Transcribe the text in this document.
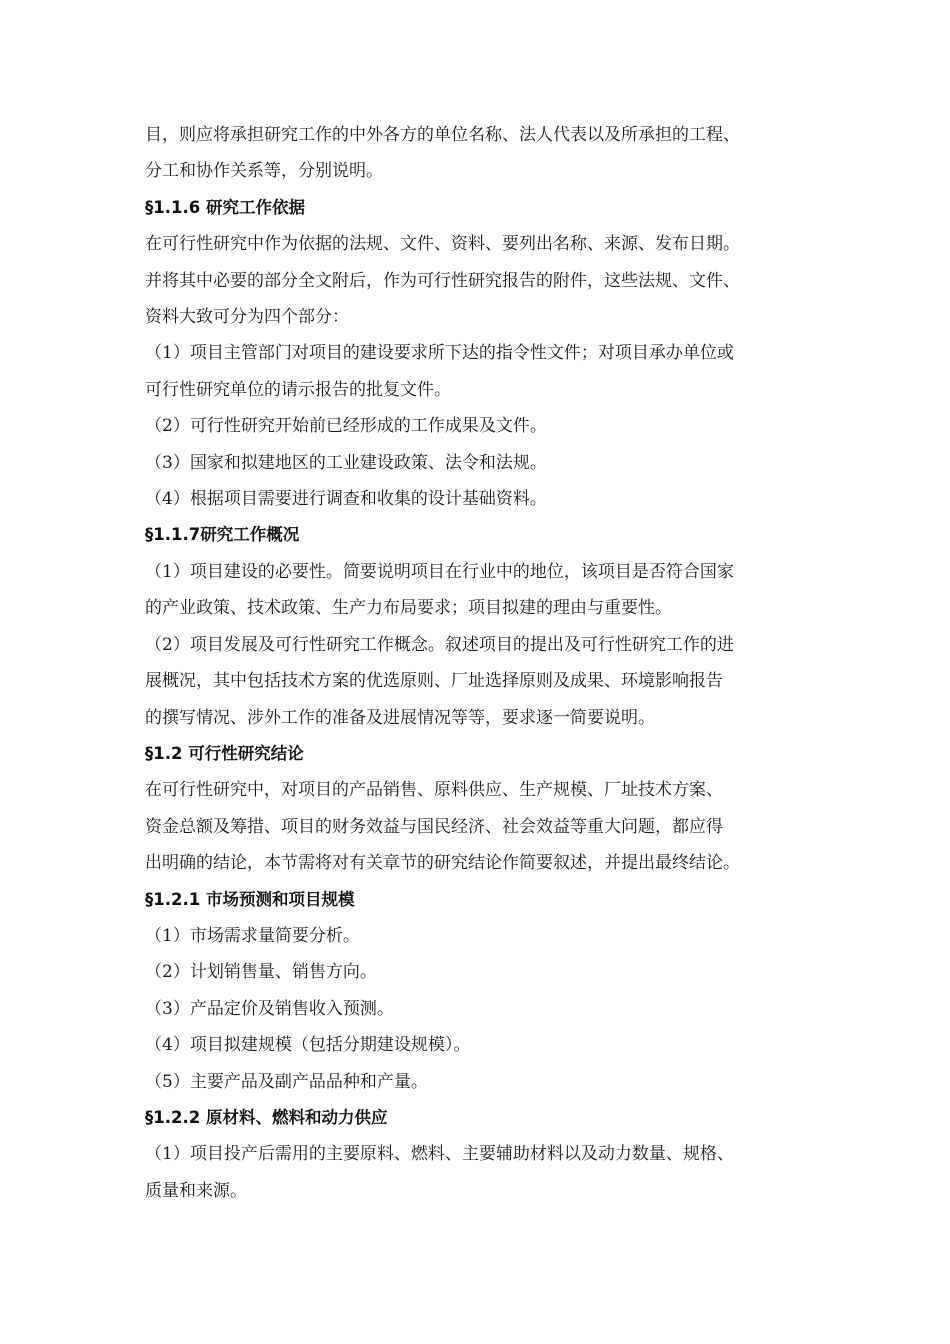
目，则应将承担研究工作的中外各方的单位名称、法人代表以及所承担的工程、
分工和协作关系等，分别说明。
§1.1.6 研究工作依据
在可行性研究中作为依据的法规、文件、资料、要列出名称、来源、发布日期。
并将其中必要的部分全文附后，作为可行性研究报告的附件，这些法规、文件、
资料大致可分为四个部分：
（1）项目主管部门对项目的建设要求所下达的指令性文件；对项目承办单位或
可行性研究单位的请示报告的批复文件。
（2）可行性研究开始前已经形成的工作成果及文件。
（3）国家和拟建地区的工业建设政策、法令和法规。
（4）根据项目需要进行调查和收集的设计基础资料。
§1.1.7研究工作概况
（1）项目建设的必要性。简要说明项目在行业中的地位，该项目是否符合国家
的产业政策、技术政策、生产力布局要求；项目拟建的理由与重要性。
（2）项目发展及可行性研究工作概念。叙述项目的提出及可行性研究工作的进
展概况，其中包括技术方案的优选原则、厂址选择原则及成果、环境影响报告
的撰写情况、涉外工作的准备及进展情况等等，要求逐一简要说明。
§1.2 可行性研究结论
在可行性研究中，对项目的产品销售、原料供应、生产规模、厂址技术方案、
资金总额及筹措、项目的财务效益与国民经济、社会效益等重大问题，都应得
出明确的结论，本节需将对有关章节的研究结论作简要叙述，并提出最终结论。
§1.2.1 市场预测和项目规模
（1）市场需求量简要分析。
（2）计划销售量、销售方向。
（3）产品定价及销售收入预测。
（4）项目拟建规模（包括分期建设规模）。
（5）主要产品及副产品品种和产量。
§1.2.2 原材料、燃料和动力供应
（1）项目投产后需用的主要原料、燃料、主要辅助材料以及动力数量、规格、
质量和来源。
